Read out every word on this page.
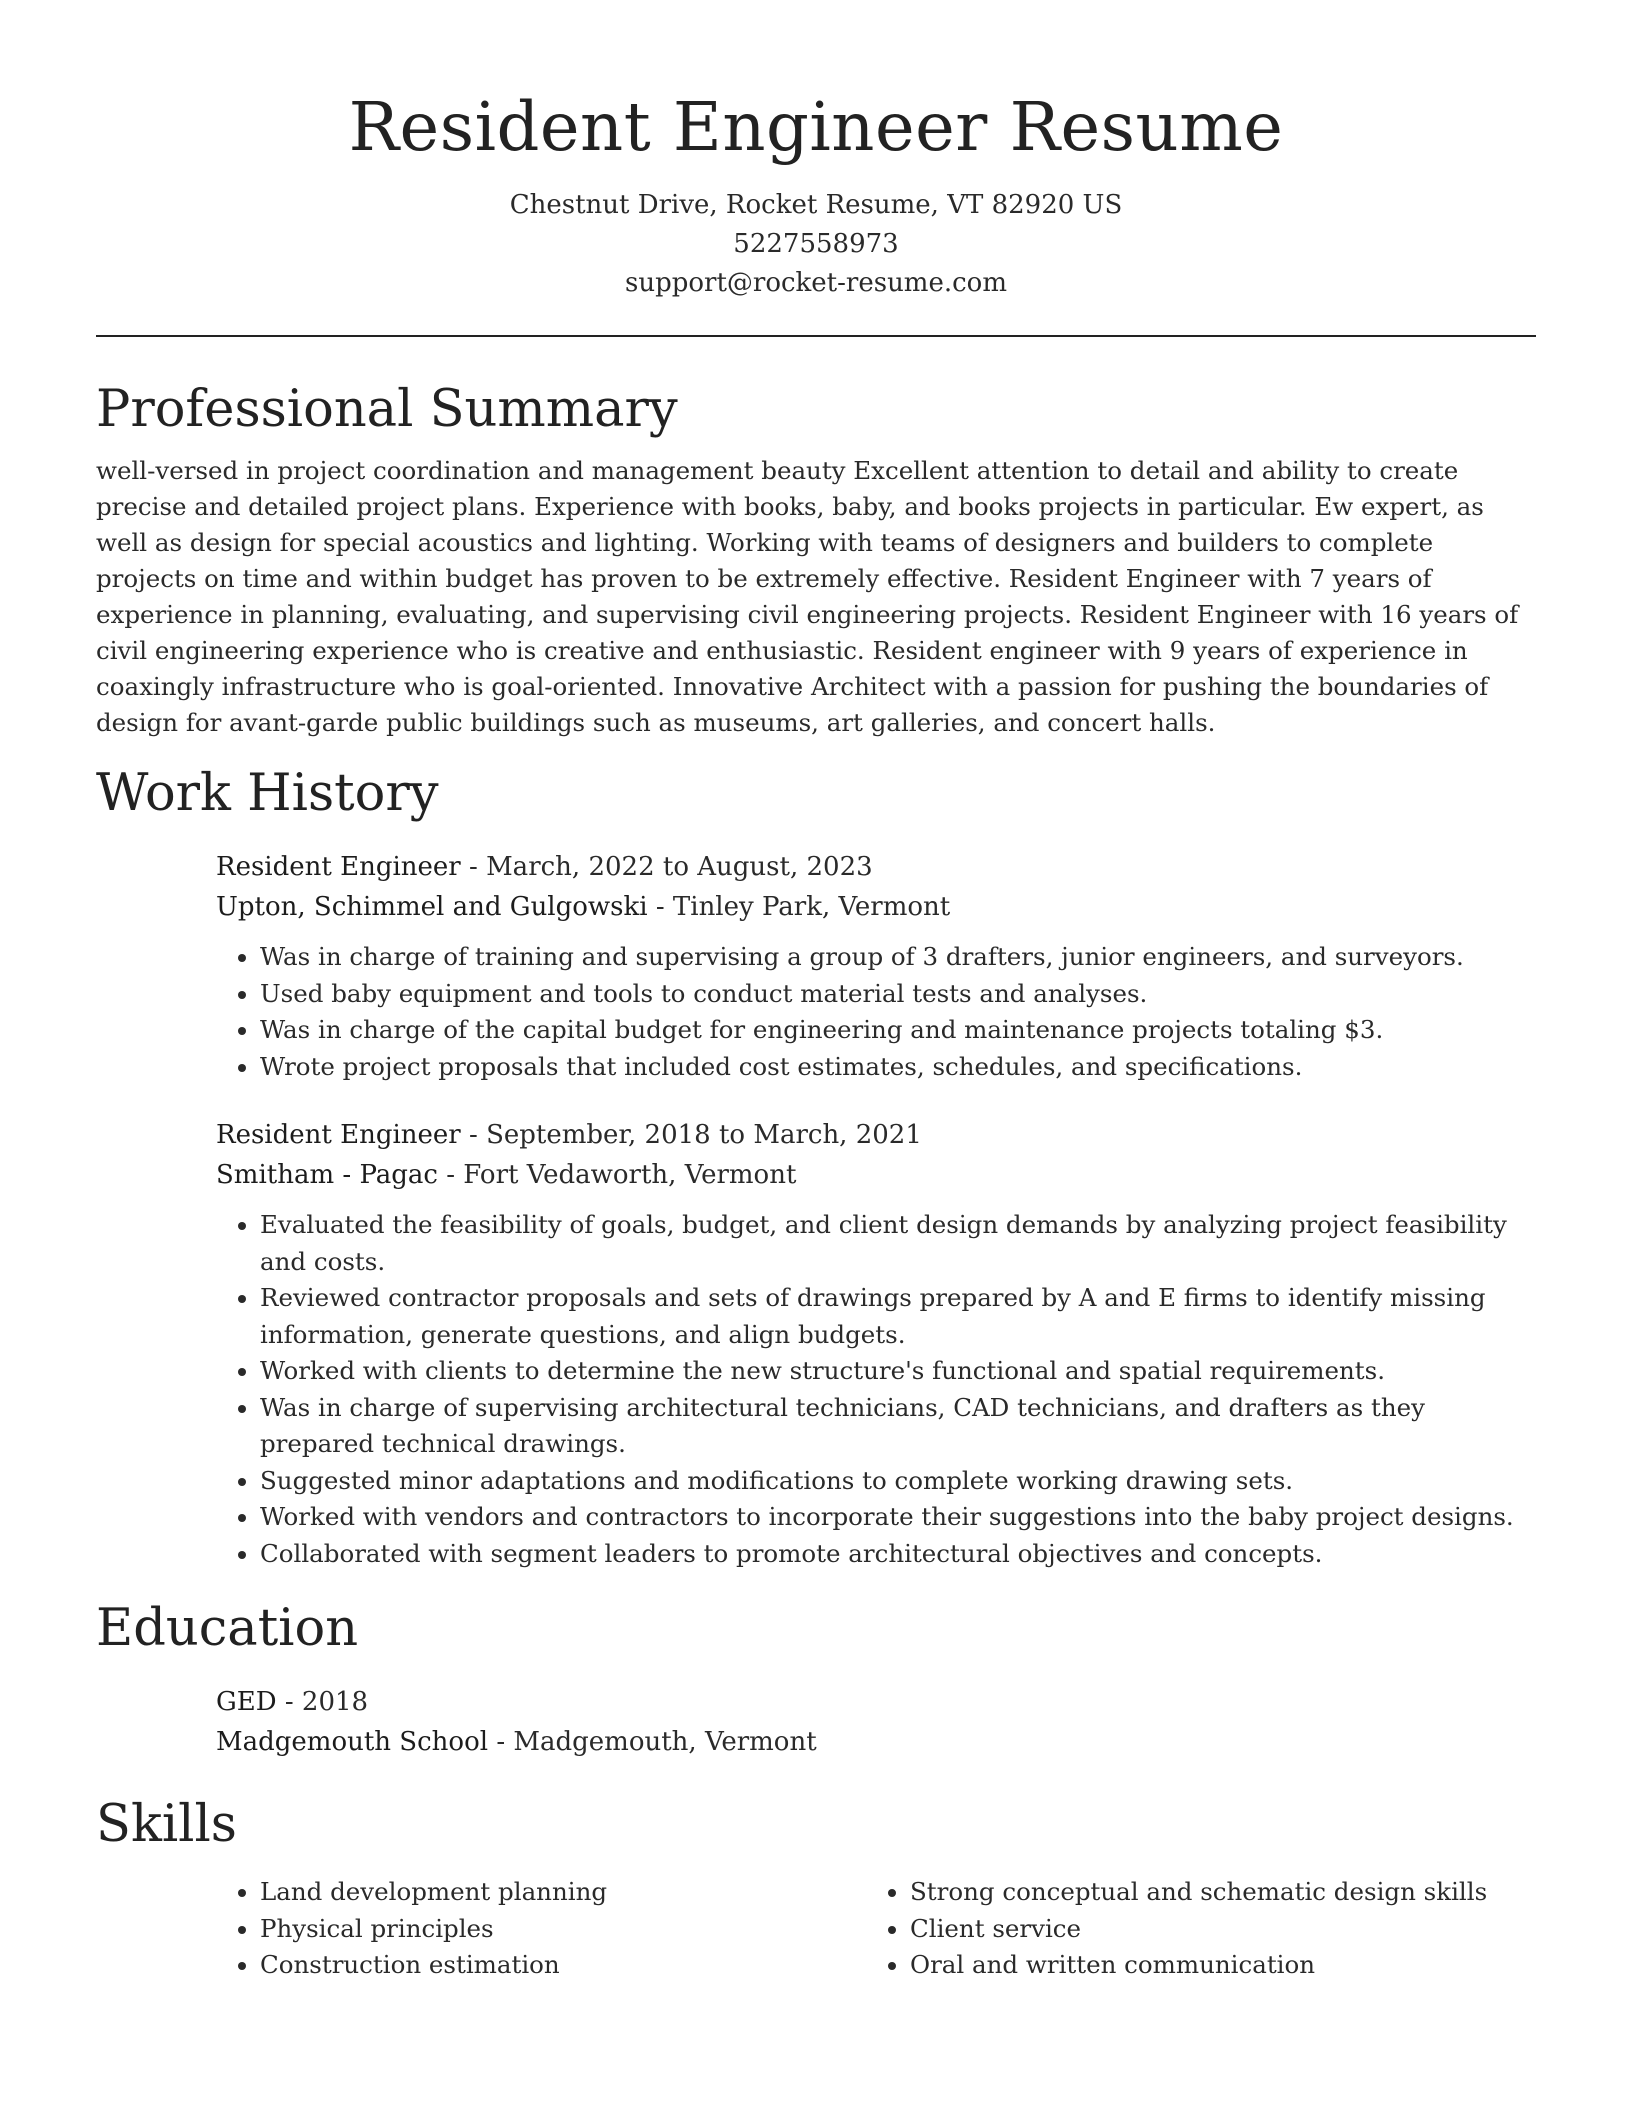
Resident Engineer Resume
Chestnut Drive, Rocket Resume, VT 82920 US
5227558973
support@rocket-resume.com
Professional Summary

well-versed in project coordination and management beauty Excellent attention to detail and ability to create precise and detailed project plans. Experience with books, baby, and books projects in particular. Ew expert, as well as design for special acoustics and lighting. Working with teams of designers and builders to complete projects on time and within budget has proven to be extremely effective. Resident Engineer with 7 years of experience in planning, evaluating, and supervising civil engineering projects. Resident Engineer with 16 years of civil engineering experience who is creative and enthusiastic. Resident engineer with 9 years of experience in coaxingly infrastructure who is goal-oriented. Innovative Architect with a passion for pushing the boundaries of design for avant-garde public buildings such as museums, art galleries, and concert halls.

Work History
Resident Engineer - March, 2022 to August, 2023
Upton, Schimmel and Gulgowski - Tinley Park, Vermont
• Was in charge of training and supervising a group of 3 drafters, junior engineers, and surveyors.
• Used baby equipment and tools to conduct material tests and analyses.
• Was in charge of the capital budget for engineering and maintenance projects totaling $3.
• Wrote project proposals that included cost estimates, schedules, and specifications.
Resident Engineer - September, 2018 to March, 2021
Smitham - Pagac - Fort Vedaworth, Vermont
• Evaluated the feasibility of goals, budget, and client design demands by analyzing project feasibility and costs.
• Reviewed contractor proposals and sets of drawings prepared by A and E firms to identify missing information, generate questions, and align budgets.
• Worked with clients to determine the new structure's functional and spatial requirements.
• Was in charge of supervising architectural technicians, CAD technicians, and drafters as they prepared technical drawings.
• Suggested minor adaptations and modifications to complete working drawing sets.
• Worked with vendors and contractors to incorporate their suggestions into the baby project designs.
• Collaborated with segment leaders to promote architectural objectives and concepts.
Education
GED - 2018
Madgemouth School - Madgemouth, Vermont
Skills
• Land development planning
• Physical principles
• Construction estimation
• Strong conceptual and schematic design skills
• Client service
• Oral and written communication
